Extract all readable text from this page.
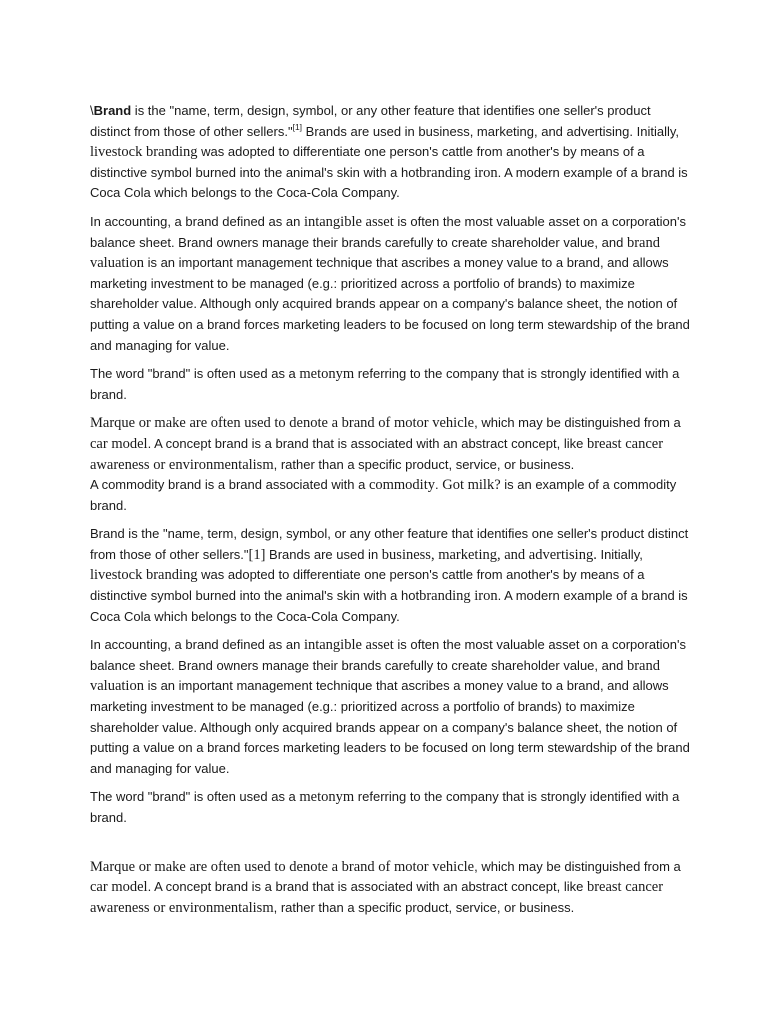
\Brand is the "name, term, design, symbol, or any other feature that identifies one seller's product distinct from those of other sellers."[1] Brands are used in business, marketing, and advertising. Initially, livestock branding was adopted to differentiate one person's cattle from another's by means of a distinctive symbol burned into the animal's skin with a hotbranding iron. A modern example of a brand is Coca Cola which belongs to the Coca-Cola Company.

In accounting, a brand defined as an intangible asset is often the most valuable asset on a corporation's balance sheet. Brand owners manage their brands carefully to create shareholder value, and brand valuation is an important management technique that ascribes a money value to a brand, and allows marketing investment to be managed (e.g.: prioritized across a portfolio of brands) to maximize shareholder value. Although only acquired brands appear on a company's balance sheet, the notion of putting a value on a brand forces marketing leaders to be focused on long term stewardship of the brand and managing for value.

The word "brand" is often used as a metonym referring to the company that is strongly identified with a brand.

Marque or make are often used to denote a brand of motor vehicle, which may be distinguished from a car model. A concept brand is a brand that is associated with an abstract concept, like breast cancer awareness or environmentalism, rather than a specific product, service, or business.

A commodity brand is a brand associated with a commodity. Got milk? is an example of a commodity brand.

Brand is the "name, term, design, symbol, or any other feature that identifies one seller's product distinct from those of other sellers."[1] Brands are used in business, marketing, and advertising. Initially, livestock branding was adopted to differentiate one person's cattle from another's by means of a distinctive symbol burned into the animal's skin with a hotbranding iron. A modern example of a brand is Coca Cola which belongs to the Coca-Cola Company.

In accounting, a brand defined as an intangible asset is often the most valuable asset on a corporation's balance sheet. Brand owners manage their brands carefully to create shareholder value, and brand valuation is an important management technique that ascribes a money value to a brand, and allows marketing investment to be managed (e.g.: prioritized across a portfolio of brands) to maximize shareholder value. Although only acquired brands appear on a company's balance sheet, the notion of putting a value on a brand forces marketing leaders to be focused on long term stewardship of the brand and managing for value.

The word "brand" is often used as a metonym referring to the company that is strongly identified with a brand.

Marque or make are often used to denote a brand of motor vehicle, which may be distinguished from a car model. A concept brand is a brand that is associated with an abstract concept, like breast cancer awareness or environmentalism, rather than a specific product, service, or business.
